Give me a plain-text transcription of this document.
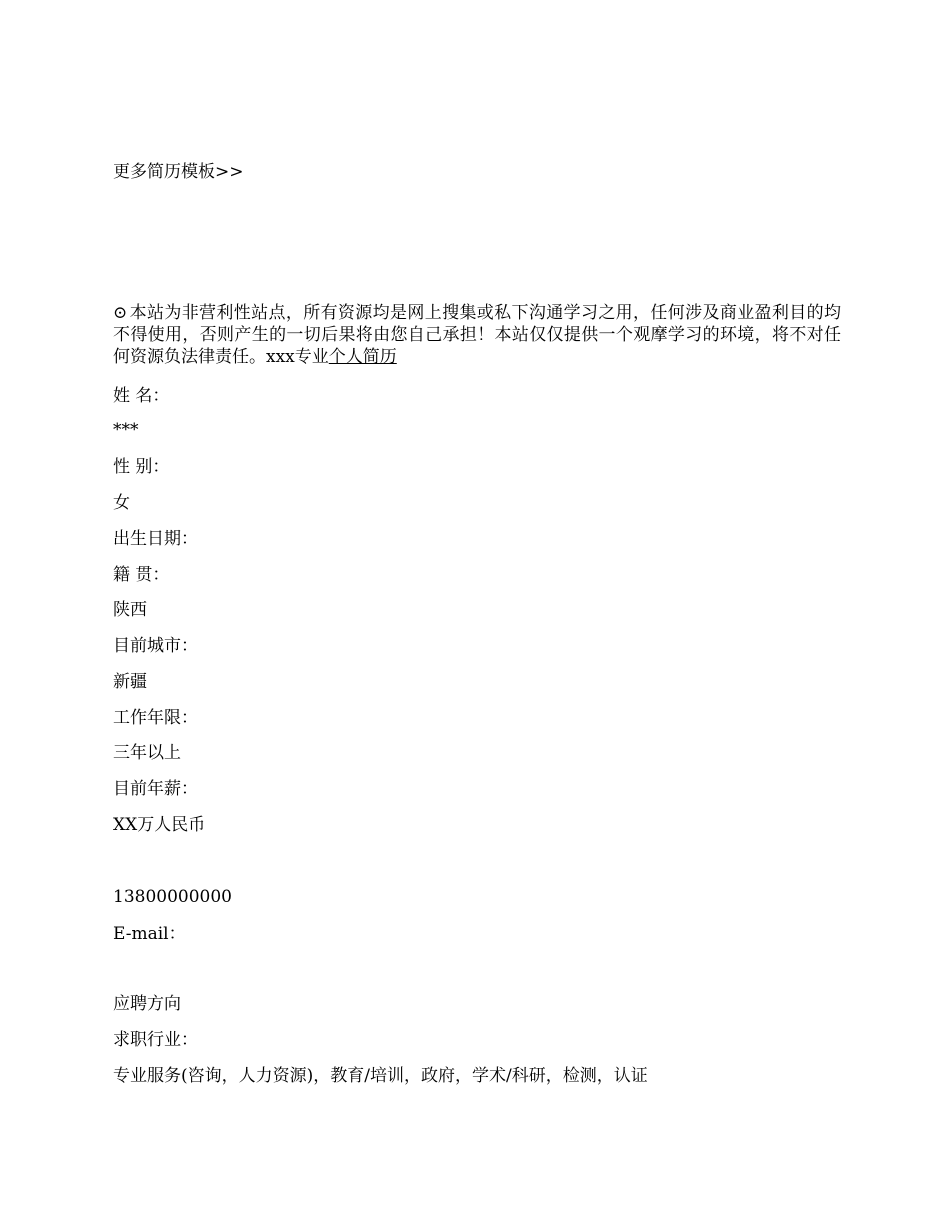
更多简历模板>>
⊙ 本站为非营利性站点，所有资源均是网上搜集或私下沟通学习之用，任何涉及商业盈利目的均不得使用，否则产生的一切后果将由您自己承担！本站仅仅提供一个观摩学习的环境，将不对任何资源负法律责任。xxx专业个人简历
姓 名：
***
性 别：
女
出生日期：
籍 贯：
陕西
目前城市：
新疆
工作年限：
三年以上
目前年薪：
XX万人民币
13800000000
E-mail：
应聘方向
求职行业：
专业服务(咨询，人力资源)，教育/培训，政府，学术/科研，检测，认证
